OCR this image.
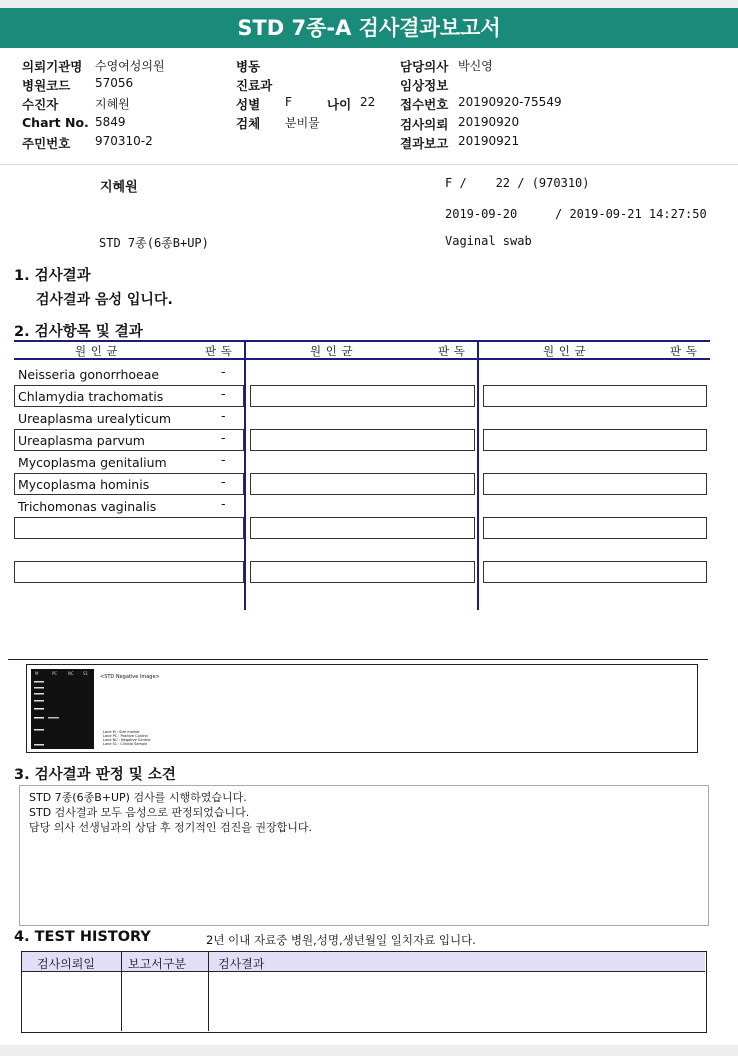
STD 7종-A 검사결과보고서
의뢰기관명 수영여성의원
병원코드 57056
수진자	지혜원
Chart No. 5849
주민번호 970310-2
병동
진료과
성별 F	나이 22
검체 분비물
담당의사 박신영
임상정보
접수번호 20190920-75549
검사의뢰 20190920
결과보고 20190921
지혜원	F /    22 / (970310)
2019-09-20	/ 2019-09-21 14:27:50
STD 7종(6종B+UP)	Vaginal swab
1. 검사결과
검사결과 음성 입니다.
2. 검사항목 및 결과
원 인 균	판 독	원 인 균	판 독	원 인 균	판 독
Neisseria gonorrhoeae	-
Chlamydia trachomatis	-
Ureaplasma urealyticum	-
Ureaplasma parvum	-
Mycoplasma genitalium	-
Mycoplasma hominis	-
Trichomonas vaginalis	-
M	PC	NC S1
<STD Negative Image>
Lane M : Size marker
Lane PC : Positive Control
Lane NC : Negative Control
Lane S1 : Clinical Sample
3. 검사결과 판정 및 소견
STD 7종(6종B+UP) 검사를 시행하였습니다.
STD 검사결과 모두 음성으로 판정되었습니다.
담당 의사 선생님과의 상담 후 정기적인 검진을 권장합니다.
4. TEST HISTORY	2년 이내 자료중 병원,성명,생년월일 일치자료 입니다.
검사의뢰일	보고서구분	검사결과
